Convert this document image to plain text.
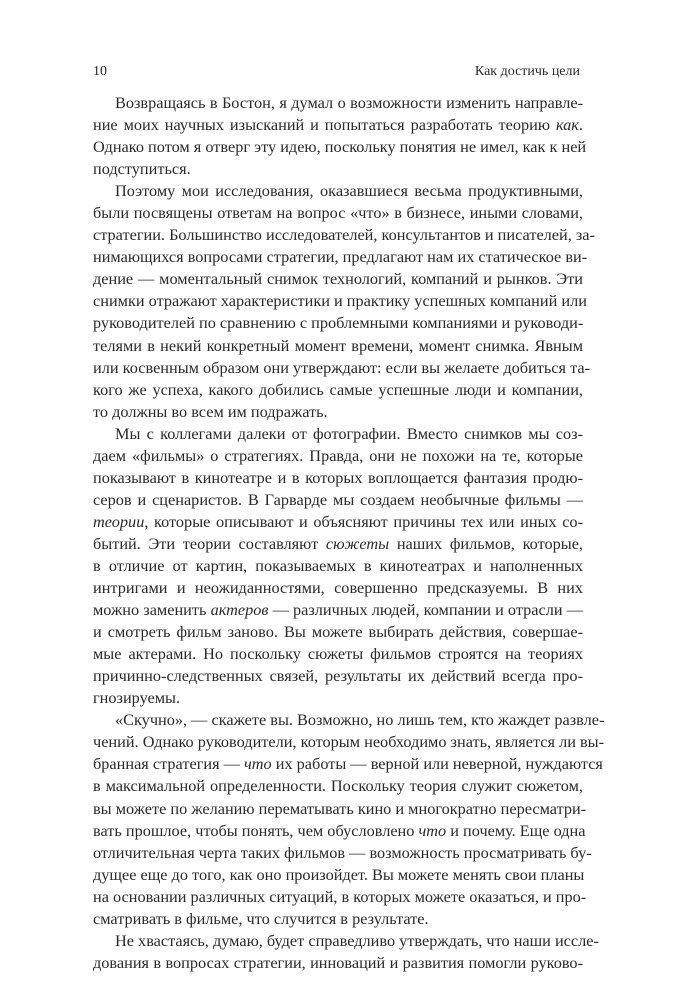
10	Как достичь цели
Возвращаясь в Бостон, я думал о возможности изменить направле-
ние моих научных изысканий и попытаться разработать теорию как.
Однако потом я отверг эту идею, поскольку понятия не имел, как к ней
подступиться.
Поэтому мои исследования, оказавшиеся весьма продуктивными,
были посвящены ответам на вопрос «что» в бизнесе, иными словами,
стратегии. Большинство исследователей, консультантов и писателей, за-
нимающихся вопросами стратегии, предлагают нам их статическое ви-
дение — моментальный снимок технологий, компаний и рынков. Эти
снимки отражают характеристики и практику успешных компаний или
руководителей по сравнению с проблемными компаниями и руководи-
телями в некий конкретный момент времени, момент снимка. Явным
или косвенным образом они утверждают: если вы желаете добиться та-
кого же успеха, какого добились самые успешные люди и компании,
то должны во всем им подражать.
Мы с коллегами далеки от фотографии. Вместо снимков мы соз-
даем «фильмы» о стратегиях. Правда, они не похожи на те, которые
показывают в кинотеатре и в которых воплощается фантазия продю-
серов и сценаристов. В Гарварде мы создаем необычные фильмы —
теории, которые описывают и объясняют причины тех или иных со-
бытий. Эти теории составляют сюжеты наших фильмов, которые,
в отличие от картин, показываемых в кинотеатрах и наполненных
интригами и неожиданностями, совершенно предсказуемы. В них
можно заменить актеров — различных людей, компании и отрасли —
и смотреть фильм заново. Вы можете выбирать действия, совершае-
мые актерами. Но поскольку сюжеты фильмов строятся на теориях
причинно-следственных связей, результаты их действий всегда про-
гнозируемы.
«Скучно», — скажете вы. Возможно, но лишь тем, кто жаждет развле-
чений. Однако руководители, которым необходимо знать, является ли вы-
бранная стратегия — что их работы — верной или неверной, нуждаются
в максимальной определенности. Поскольку теория служит сюжетом,
вы можете по желанию перематывать кино и многократно пересматри-
вать прошлое, чтобы понять, чем обусловлено что и почему. Еще одна
отличительная черта таких фильмов — возможность просматривать бу-
дущее еще до того, как оно произойдет. Вы можете менять свои планы
на основании различных ситуаций, в которых можете оказаться, и про-
сматривать в фильме, что случится в результате.
Не хвастаясь, думаю, будет справедливо утверждать, что наши иссле-
дования в вопросах стратегии, инноваций и развития помогли руково-
